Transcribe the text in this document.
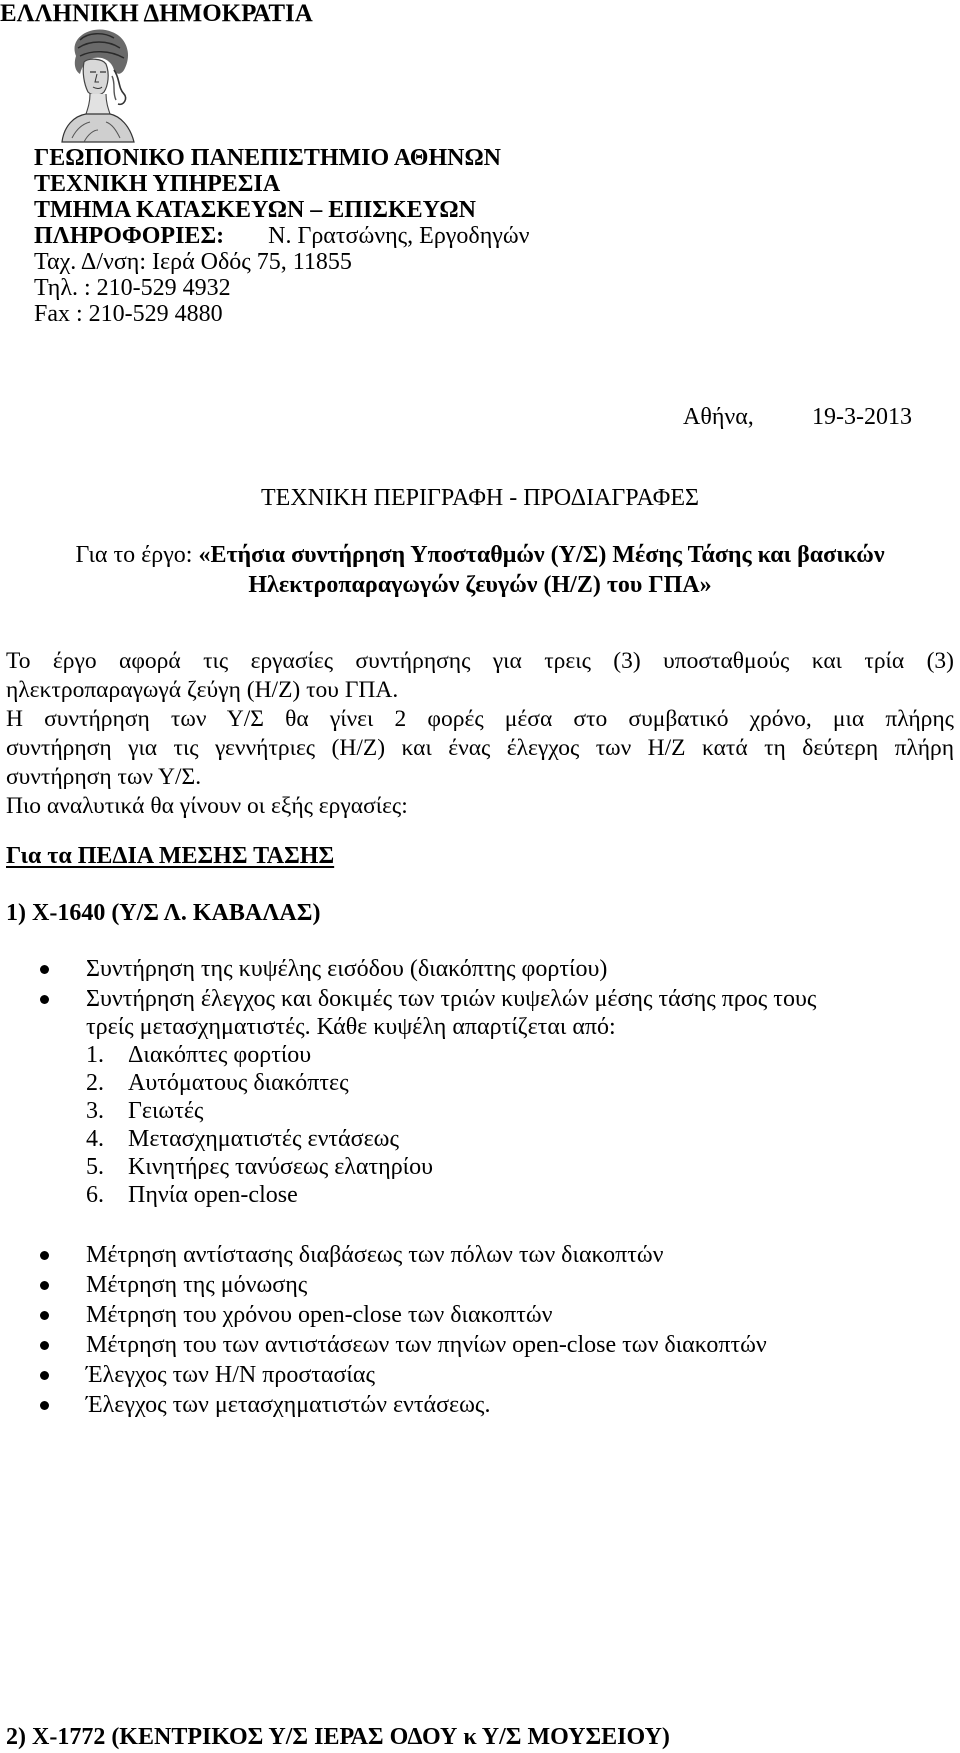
ΕΛΛΗΝΙΚΗ ΔΗΜΟΚΡΑΤΙΑ
ΓΕΩΠΟΝΙΚΟ ΠΑΝΕΠΙΣΤΗΜΙΟ ΑΘΗΝΩΝ
ΤΕΧΝΙΚΗ ΥΠΗΡΕΣΙΑ
ΤΜΗΜΑ ΚΑΤΑΣΚΕΥΩΝ – ΕΠΙΣΚΕΥΩΝ
ΠΛΗΡΟΦΟΡΙΕΣ: Ν. Γρατσώνης, Εργοδηγών
Ταχ. Δ/νση: Ιερά Οδός 75, 11855
Τηλ. : 210-529 4932
Fax : 210-529 4880
Αθήνα, 19-3-2013
ΤΕΧΝΙΚΗ ΠΕΡΙΓΡΑΦΗ - ΠΡΟΔΙΑΓΡΑΦΕΣ
Για το έργο: «Ετήσια συντήρηση Υποσταθμών (Υ/Σ) Μέσης Τάσης και βασικών
Ηλεκτροπαραγωγών ζευγών (Η/Ζ) του ΓΠΑ»
Το έργο αφορά τις εργασίες συντήρησης για τρεις (3) υποσταθμούς και τρία (3)
ηλεκτροπαραγωγά ζεύγη (Η/Ζ) του ΓΠΑ.
Η συντήρηση των Υ/Σ θα γίνει 2 φορές μέσα στο συμβατικό χρόνο, μια πλήρης
συντήρηση για τις γεννήτριες (Η/Ζ) και ένας έλεγχος των Η/Ζ κατά τη δεύτερη πλήρη
συντήρηση των Υ/Σ.
Πιο αναλυτικά θα γίνουν οι εξής εργασίες:
Για τα ΠΕΔΙΑ ΜΕΣΗΣ ΤΑΣΗΣ
1) Χ-1640 (Υ/Σ Λ. ΚΑΒΑΛΑΣ)
Συντήρηση της κυψέλης εισόδου (διακόπτης φορτίου)
Συντήρηση έλεγχος και δοκιμές των τριών κυψελών μέσης τάσης προς τους
τρείς μετασχηματιστές. Κάθε κυψέλη απαρτίζεται από:
1. Διακόπτες φορτίου
2. Αυτόματους διακόπτες
3. Γειωτές
4. Μετασχηματιστές εντάσεως
5. Κινητήρες τανύσεως ελατηρίου
6. Πηνία open-close
Μέτρηση αντίστασης διαβάσεως των πόλων των διακοπτών
Μέτρηση της μόνωσης
Μέτρηση του χρόνου open-close των διακοπτών
Μέτρηση του των αντιστάσεων των πηνίων open-close των διακοπτών
Έλεγχος των Η/Ν προστασίας
Έλεγχος των μετασχηματιστών εντάσεως.
2) Χ-1772 (ΚΕΝΤΡΙΚΟΣ Υ/Σ ΙΕΡΑΣ ΟΔΟΥ κ Υ/Σ ΜΟΥΣΕΙΟΥ)
